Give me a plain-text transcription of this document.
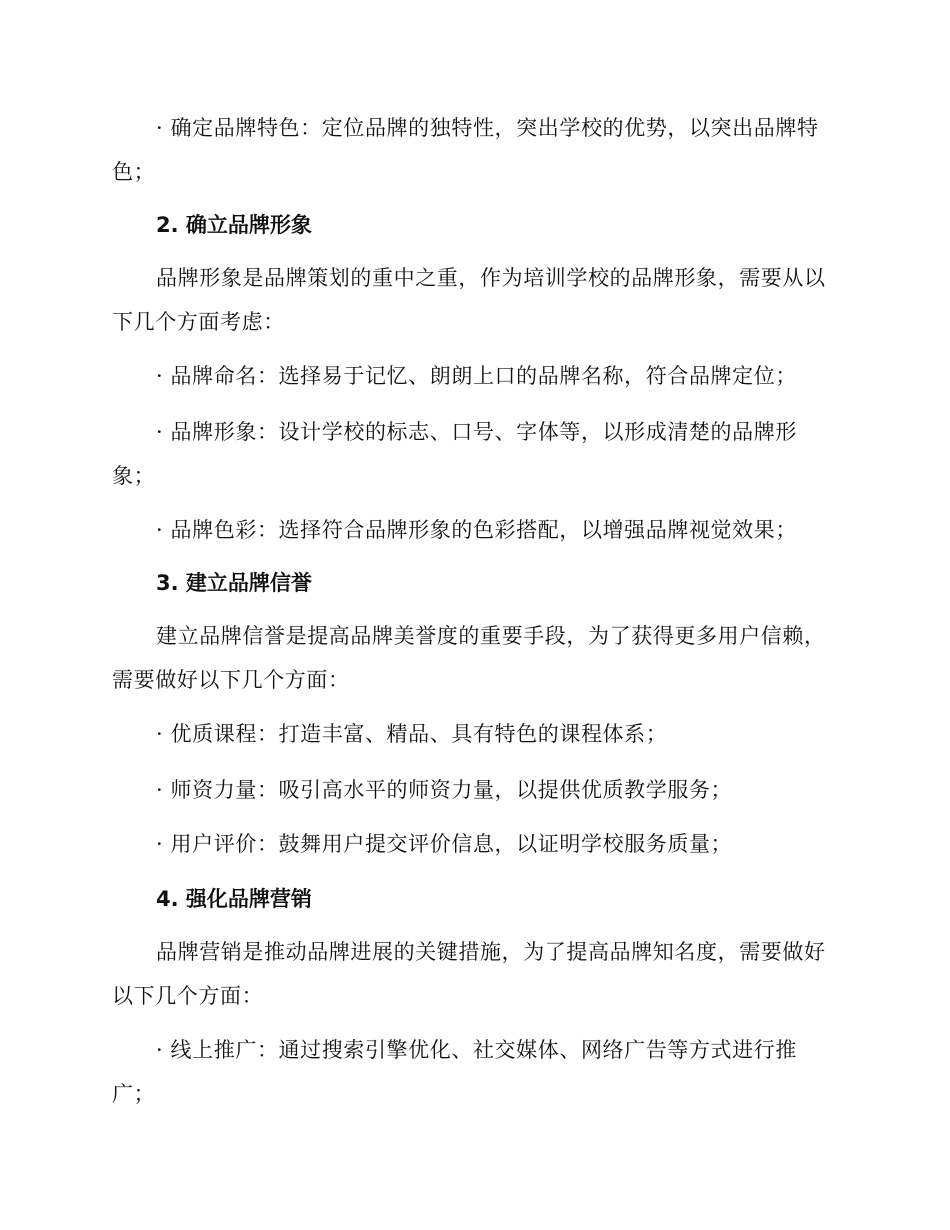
· 确定品牌特色：定位品牌的独特性，突出学校的优势，以突出品牌特色；

2. 确立品牌形象

品牌形象是品牌策划的重中之重，作为培训学校的品牌形象，需要从以下几个方面考虑：

· 品牌命名：选择易于记忆、朗朗上口的品牌名称，符合品牌定位；

· 品牌形象：设计学校的标志、口号、字体等，以形成清楚的品牌形象；

· 品牌色彩：选择符合品牌形象的色彩搭配，以增强品牌视觉效果；

3. 建立品牌信誉

建立品牌信誉是提高品牌美誉度的重要手段，为了获得更多用户信赖，需要做好以下几个方面：

· 优质课程：打造丰富、精品、具有特色的课程体系；

· 师资力量：吸引高水平的师资力量，以提供优质教学服务；

· 用户评价：鼓舞用户提交评价信息，以证明学校服务质量；

4. 强化品牌营销

品牌营销是推动品牌进展的关键措施，为了提高品牌知名度，需要做好以下几个方面：

· 线上推广：通过搜索引擎优化、社交媒体、网络广告等方式进行推广；
